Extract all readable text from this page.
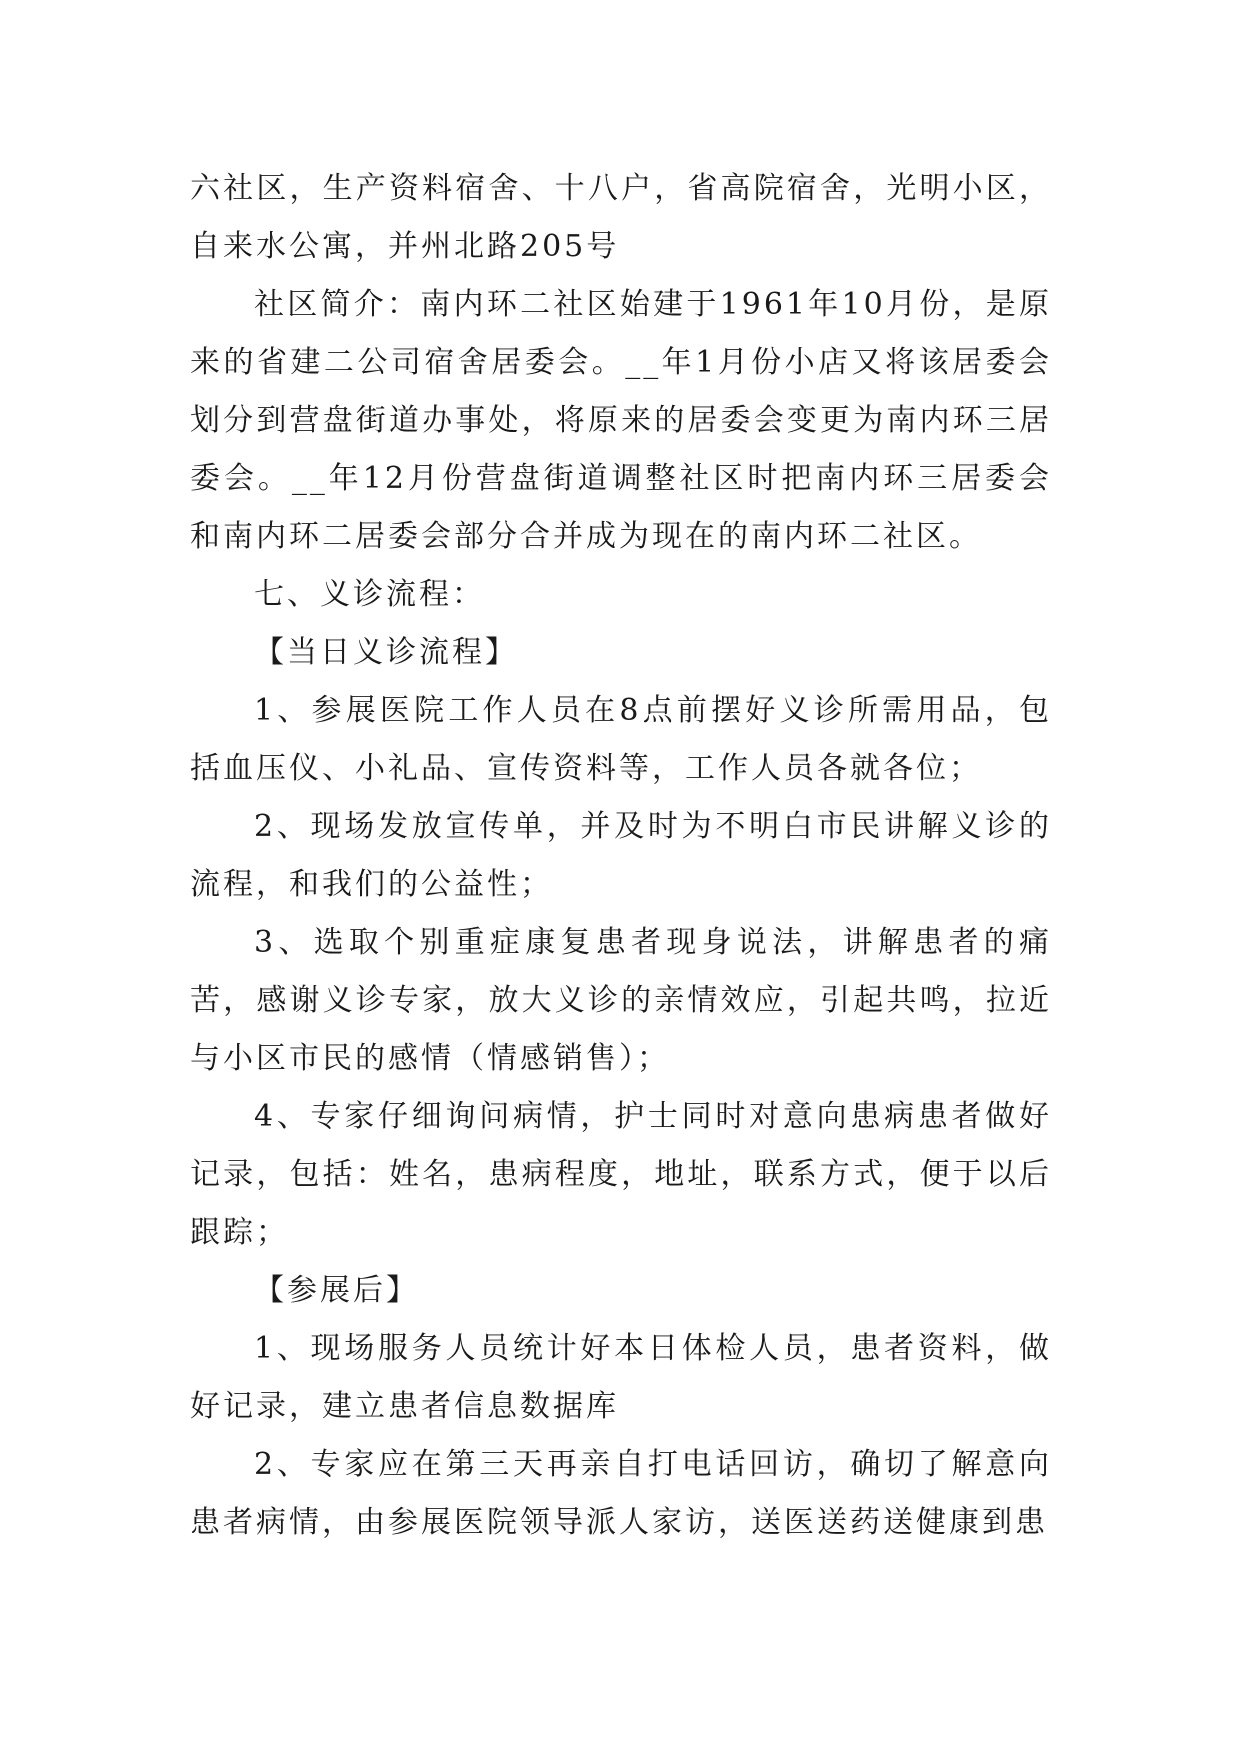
六社区，生产资料宿舍、十八户，省高院宿舍，光明小区，自来水公寓，并州北路205号

社区简介：南内环二社区始建于1961年10月份，是原来的省建二公司宿舍居委会。__年1月份小店又将该居委会划分到营盘街道办事处，将原来的居委会变更为南内环三居委会。__年12月份营盘街道调整社区时把南内环三居委会和南内环二居委会部分合并成为现在的南内环二社区。

七、义诊流程：

【当日义诊流程】

1、参展医院工作人员在8点前摆好义诊所需用品，包括血压仪、小礼品、宣传资料等，工作人员各就各位；

2、现场发放宣传单，并及时为不明白市民讲解义诊的流程，和我们的公益性；

3、选取个别重症康复患者现身说法，讲解患者的痛苦，感谢义诊专家，放大义诊的亲情效应，引起共鸣，拉近与小区市民的感情（情感销售）；

4、专家仔细询问病情，护士同时对意向患病患者做好记录，包括：姓名，患病程度，地址，联系方式，便于以后跟踪；

【参展后】

1、现场服务人员统计好本日体检人员，患者资料，做好记录，建立患者信息数据库

2、专家应在第三天再亲自打电话回访，确切了解意向患者病情，由参展医院领导派人家访，送医送药送健康到患
